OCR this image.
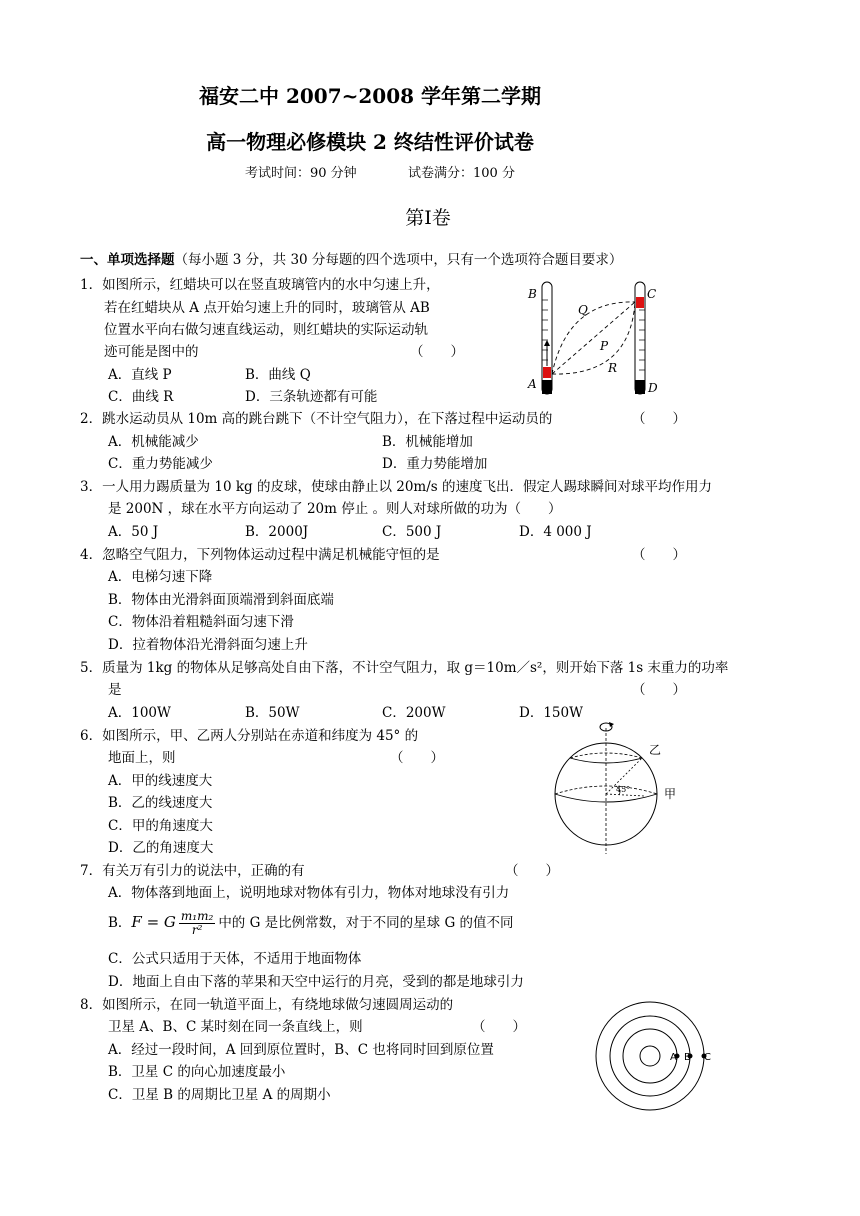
福安二中 2007~2008 学年第二学期
高一物理必修模块 2 终结性评价试卷
考试时间：90 分钟	试卷满分：100 分
第Ⅰ卷
一、单项选择题（每小题 3 分，共 30 分每题的四个选项中，只有一个选项符合题目要求）
1．如图所示，红蜡块可以在竖直玻璃管内的水中匀速上升，
若在红蜡块从 A 点开始匀速上升的同时，玻璃管从 AB
位置水平向右做匀速直线运动，则红蜡块的实际运动轨
迹可能是图中的	（　　）
A．直线 P	B．曲线 Q
C．曲线 R	D．三条轨迹都有可能
B
A
C
D
Q
P
R
2．跳水运动员从 10m 高的跳台跳下（不计空气阻力），在下落过程中运动员的	（　　）
A．机械能减少	B．机械能增加
C．重力势能减少	D．重力势能增加
3．一人用力踢质量为 10 kg 的皮球，使球由静止以 20m/s 的速度飞出．假定人踢球瞬间对球平均作用力
是 200N ，球在水平方向运动了 20m 停止 。则人对球所做的功为（　　）
A．50 J	B．2000J	C．500 J	D．4 000 J
4．忽略空气阻力，下列物体运动过程中满足机械能守恒的是	（　　）
A．电梯匀速下降
B．物体由光滑斜面顶端滑到斜面底端
C．物体沿着粗糙斜面匀速下滑
D．拉着物体沿光滑斜面匀速上升
5．质量为 1kg 的物体从足够高处自由下落，不计空气阻力，取 g＝10m／s²，则开始下落 1s 末重力的功率
是	（　　）
A．100W	B．50W	C．200W	D．150W
6．如图所示，甲、乙两人分别站在赤道和纬度为 45° 的
地面上，则	（　　）
A．甲的线速度大
B．乙的线速度大
C．甲的角速度大
D．乙的角速度大
45°
乙
甲
7．有关万有引力的说法中，正确的有	（　　）
A．物体落到地面上，说明地球对物体有引力，物体对地球没有引力
B．F = G $\frac{\text{m₁m₂}}{\text{r²}}$ 中的 G 是比例常数，对于不同的星球 G 的值不同
C．公式只适用于天体，不适用于地面物体
D．地面上自由下落的苹果和天空中运行的月亮，受到的都是地球引力
8．如图所示，在同一轨道平面上，有绕地球做匀速圆周运动的
卫星 A、B、C 某时刻在同一条直线上，则	（　　）
A．经过一段时间，A 回到原位置时，B、C 也将同时回到原位置
B．卫星 C 的向心加速度最小
C．卫星 B 的周期比卫星 A 的周期小
A B C
